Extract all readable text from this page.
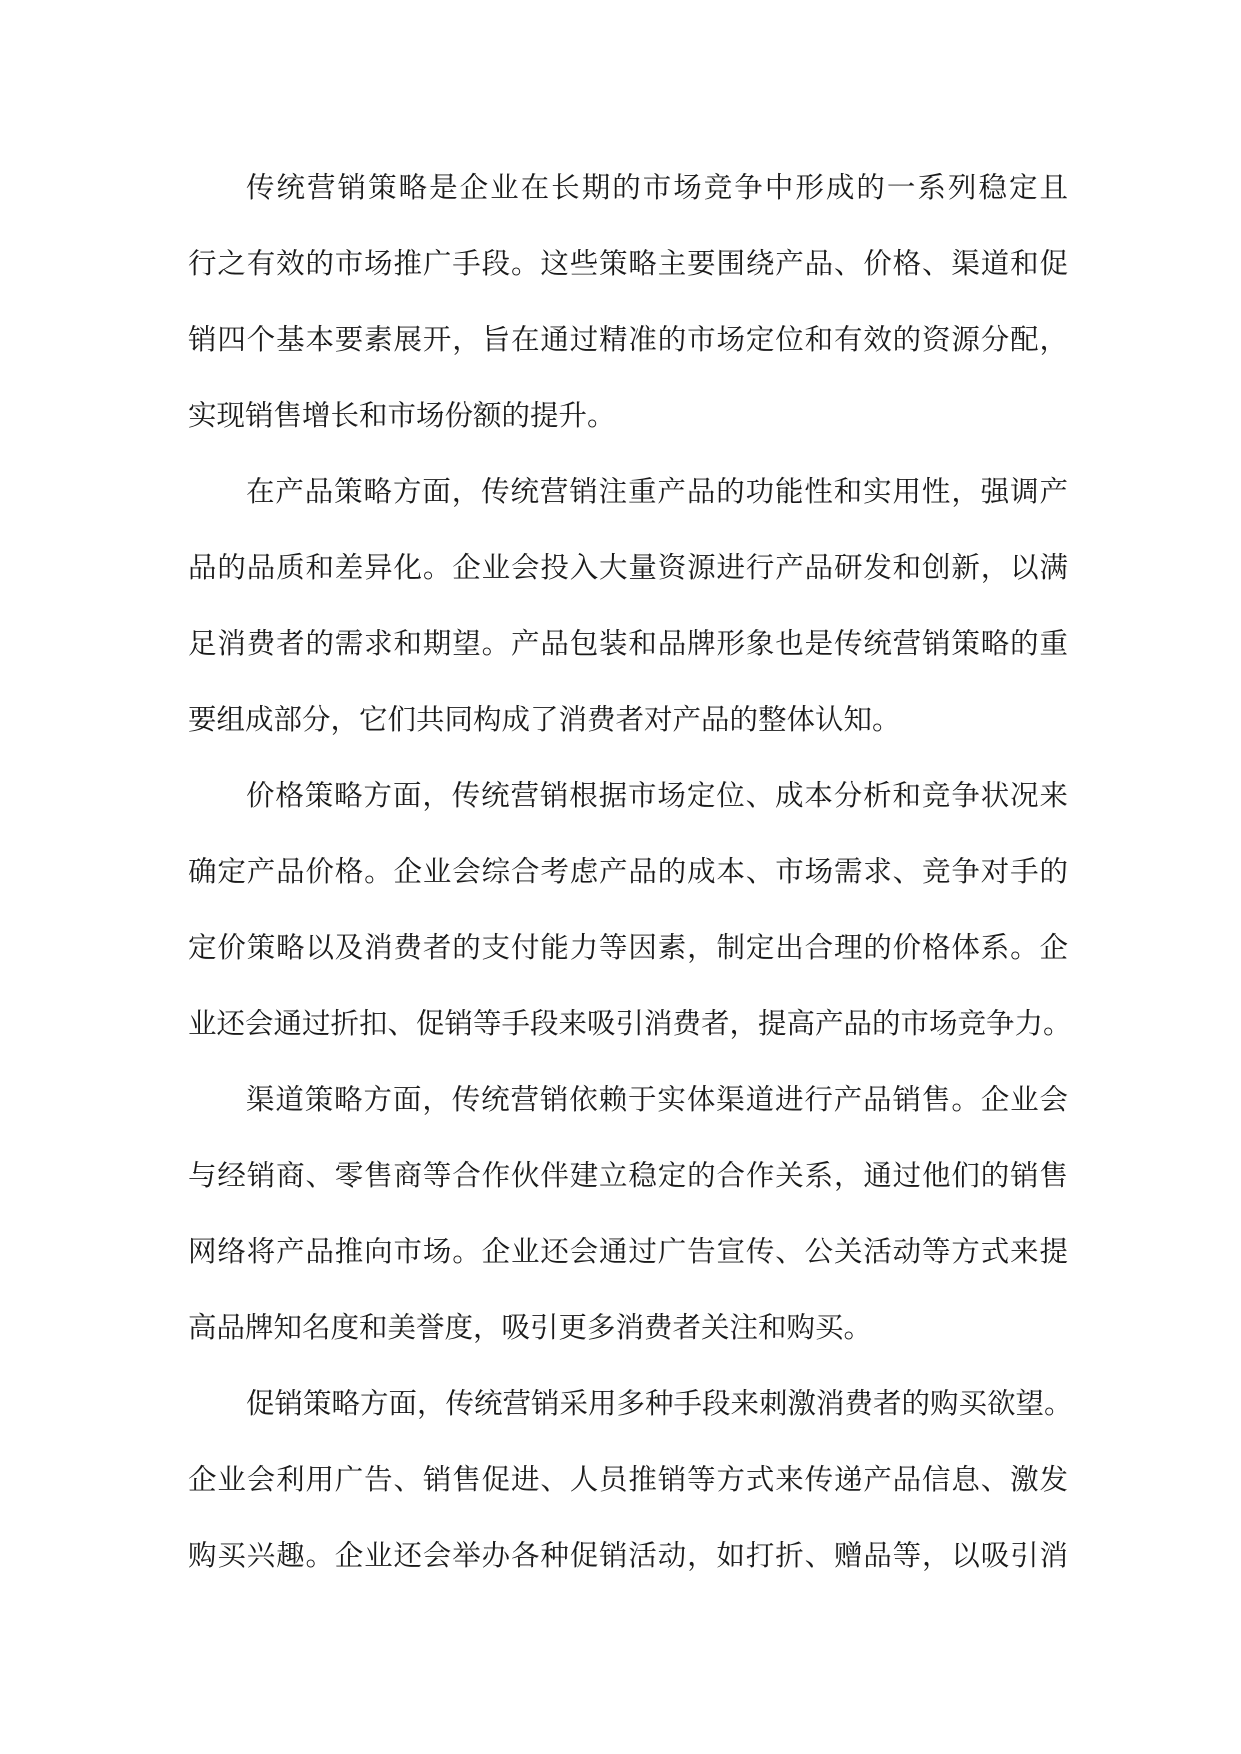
传统营销策略是企业在长期的市场竞争中形成的一系列稳定且
行之有效的市场推广手段。这些策略主要围绕产品、价格、渠道和促
销四个基本要素展开，旨在通过精准的市场定位和有效的资源分配，
实现销售增长和市场份额的提升。
在产品策略方面，传统营销注重产品的功能性和实用性，强调产
品的品质和差异化。企业会投入大量资源进行产品研发和创新，以满
足消费者的需求和期望。产品包装和品牌形象也是传统营销策略的重
要组成部分，它们共同构成了消费者对产品的整体认知。
价格策略方面，传统营销根据市场定位、成本分析和竞争状况来
确定产品价格。企业会综合考虑产品的成本、市场需求、竞争对手的
定价策略以及消费者的支付能力等因素，制定出合理的价格体系。企
业还会通过折扣、促销等手段来吸引消费者，提高产品的市场竞争力。
渠道策略方面，传统营销依赖于实体渠道进行产品销售。企业会
与经销商、零售商等合作伙伴建立稳定的合作关系，通过他们的销售
网络将产品推向市场。企业还会通过广告宣传、公关活动等方式来提
高品牌知名度和美誉度，吸引更多消费者关注和购买。
促销策略方面，传统营销采用多种手段来刺激消费者的购买欲望。
企业会利用广告、销售促进、人员推销等方式来传递产品信息、激发
购买兴趣。企业还会举办各种促销活动，如打折、赠品等，以吸引消
